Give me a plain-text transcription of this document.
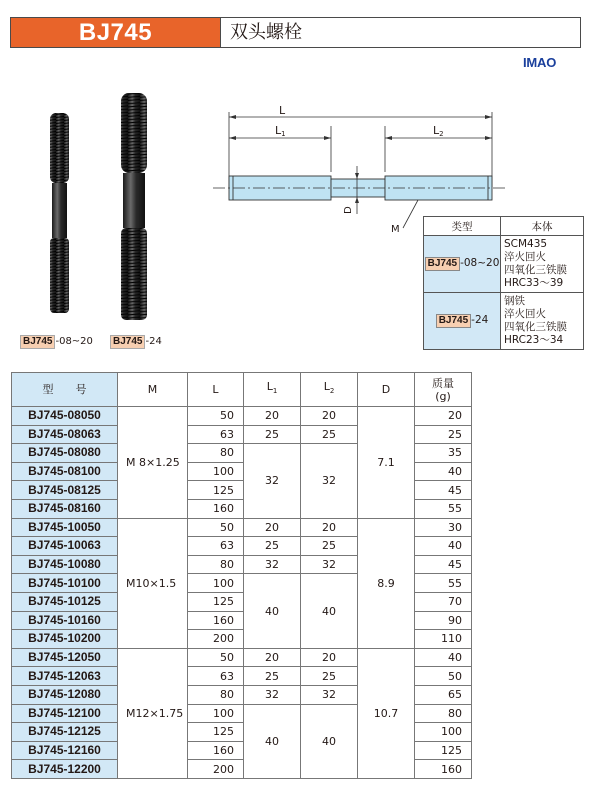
BJ745	双头螺栓
IMAO
BJ745 -08~20	BJ745 -24
L
L1	L2
D
M	类型	本体
BJ745 -08~20	SCM435
淬火回火
四氧化三铁膜
HRC33～39

BJ745 -24	钢铁
淬火回火
四氧化三铁膜
HRC23～34
型　　号	M	L	$L_1$	$L_2$	D	质量
(g)

BJ745-08050	M 8×1.25	50	20	20	7.1	20
BJ745-08063		63	25	25		25
BJ745-08080		80	32	32		35
BJ745-08100		100				40
BJ745-08125		125				45
BJ745-08160		160				55
BJ745-10050	M10×1.5	50	20	20	8.9	30
BJ745-10063		63	25	25		40
BJ745-10080		80	32	32		45
BJ745-10100		100	40	40		55
BJ745-10125		125				70
BJ745-10160		160				90
BJ745-10200		200				110
BJ745-12050	M12×1.75	50	20	20	10.7	40
BJ745-12063		63	25	25		50
BJ745-12080		80	32	32		65
BJ745-12100		100	40	40		80
BJ745-12125		125				100
BJ745-12160		160				125
BJ745-12200		200				160
